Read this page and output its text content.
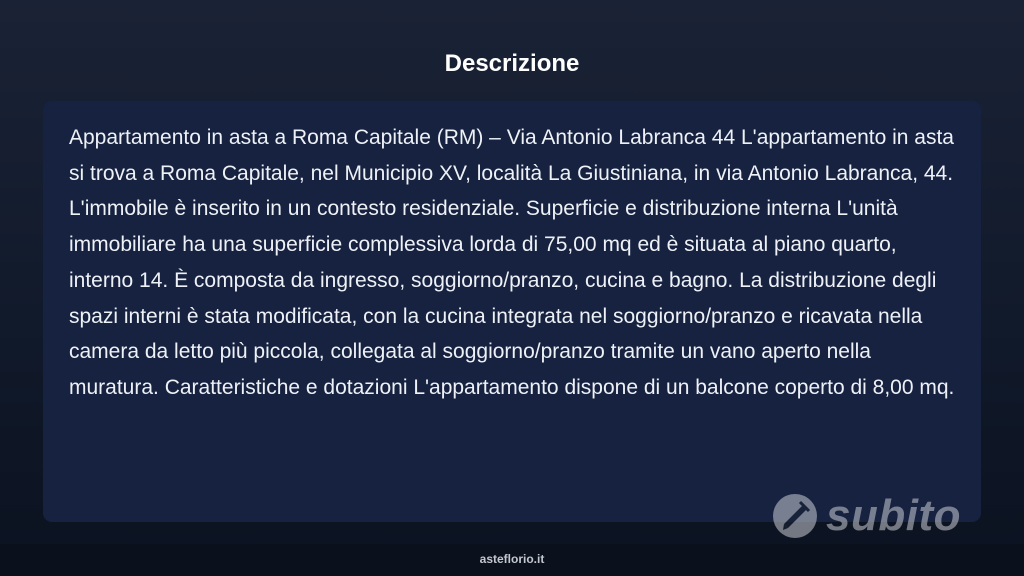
Descrizione

Appartamento in asta a Roma Capitale (RM) – Via Antonio Labranca 44 L'appartamento in asta si trova a Roma Capitale, nel Municipio XV, località La Giustiniana, in via Antonio Labranca, 44. L'immobile è inserito in un contesto residenziale. Superficie e distribuzione interna L'unità immobiliare ha una superficie complessiva lorda di 75,00 mq ed è situata al piano quarto, interno 14. È composta da ingresso, soggiorno/pranzo, cucina e bagno. La distribuzione degli spazi interni è stata modificata, con la cucina integrata nel soggiorno/pranzo e ricavata nella camera da letto più piccola, collegata al soggiorno/pranzo tramite un vano aperto nella muratura. Caratteristiche e dotazioni L'appartamento dispone di un balcone coperto di 8,00 mq.

subito
asteflorio.it
